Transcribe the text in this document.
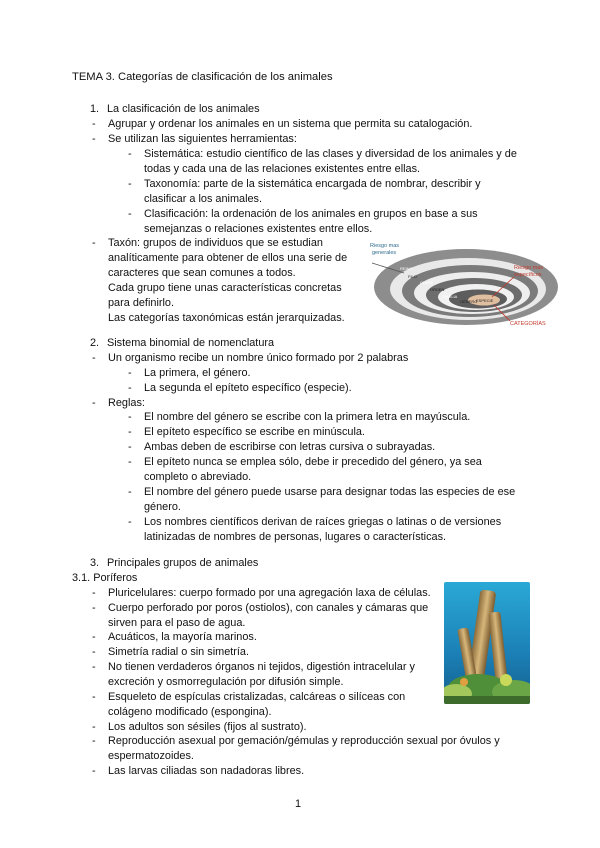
TEMA 3. Categorías de clasificación de los animales
1. La clasificación de los animales
- Agrupar y ordenar los animales en un sistema que permita su catalogación.
- Se utilizan las siguientes herramientas:
- Sistemática: estudio científico de las clases y diversidad de los animales y de
todas y cada una de las relaciones existentes entre ellas.
- Taxonomía: parte de la sistemática encargada de nombrar, describir y
clasificar a los animales.
- Clasificación: la ordenación de los animales en grupos en base a sus
semejanzas o relaciones existentes entre ellos.
- Taxón: grupos de individuos que se estudian
analíticamente para obtener de ellos una serie de
caracteres que sean comunes a todos.
Cada grupo tiene unas características concretas
para definirlo.
Las categorías taxonómicas están jerarquizadas.
Riesgo mas
generales
Riesgo mas
específicos
CATEGORÍAS
REINO
FILO
CLASE
ORDEN
FAMILIA
GÉNERO
ESPECIE
2. Sistema binomial de nomenclatura
- Un organismo recibe un nombre único formado por 2 palabras
- La primera, el género.
- La segunda el epíteto específico (especie).
- Reglas:
- El nombre del género se escribe con la primera letra en mayúscula.
- El epíteto específico se escribe en minúscula.
- Ambas deben de escribirse con letras cursiva o subrayadas.
- El epíteto nunca se emplea sólo, debe ir precedido del género, ya sea
completo o abreviado.
- El nombre del género puede usarse para designar todas las especies de ese
género.
- Los nombres científicos derivan de raíces griegas o latinas o de versiones
latinizadas de nombres de personas, lugares o características.
3. Principales grupos de animales
3.1. Poríferos
- Pluricelulares: cuerpo formado por una agregación laxa de células.
- Cuerpo perforado por poros (ostiolos), con canales y cámaras que
sirven para el paso de agua.
- Acuáticos, la mayoría marinos.
- Simetría radial o sin simetría.
- No tienen verdaderos órganos ni tejidos, digestión intracelular y
excreción y osmorregulación por difusión simple.
- Esqueleto de espículas cristalizadas, calcáreas o silíceas con
colágeno modificado (espongina).
- Los adultos son sésiles (fijos al sustrato).
- Reproducción asexual por gemación/gémulas y reproducción sexual por óvulos y
espermatozoides.
- Las larvas ciliadas son nadadoras libres.
1
